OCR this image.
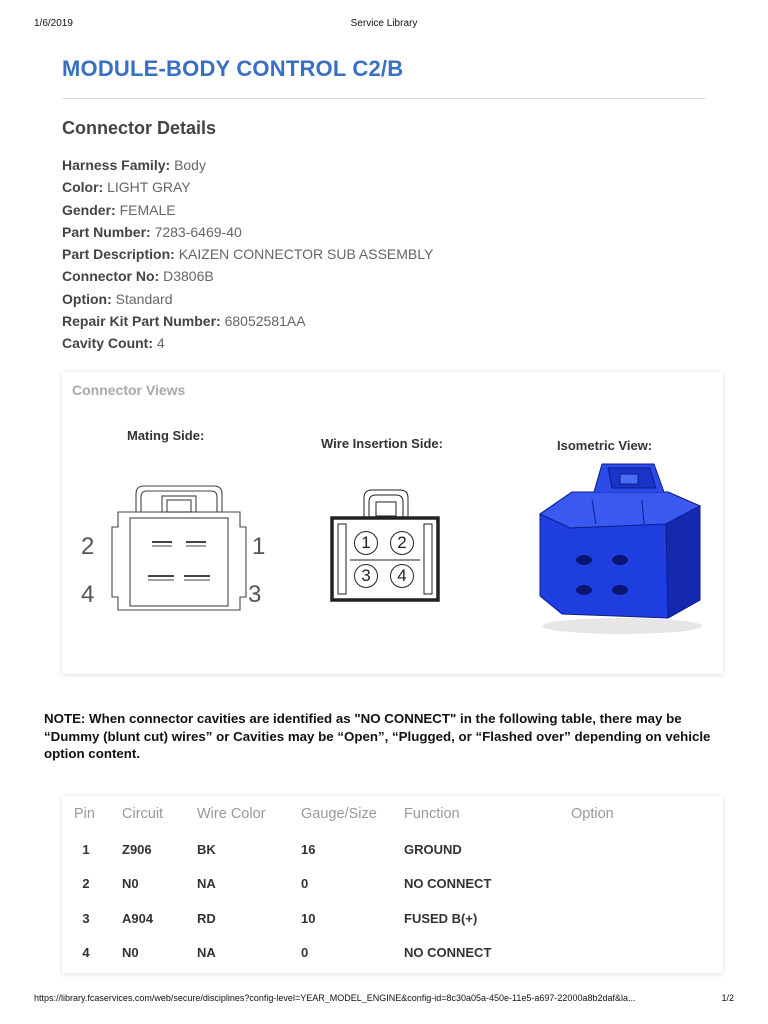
1/6/2019	Service Library
MODULE-BODY CONTROL C2/B
Connector Details
Harness Family: Body
Color: LIGHT GRAY
Gender: FEMALE
Part Number: 7283-6469-40
Part Description: KAIZEN CONNECTOR SUB ASSEMBLY
Connector No: D3806B
Option: Standard
Repair Kit Part Number: 68052581AA
Cavity Count: 4
Connector Views
Mating Side:
Wire Insertion Side:	Isometric View:
2	1
4	3
1	2
3	4
NOTE: When connector cavities are identified as "NO CONNECT" in the following table, there may be “Dummy (blunt cut) wires” or Cavities may be “Open”, “Plugged, or “Flashed over” depending on vehicle option content.
Pin	Circuit	Wire Color	Gauge/Size	Function	Option
1	Z906	BK	16	GROUND	
2	N0	NA	0	NO CONNECT	
3	A904	RD	10	FUSED B(+)	
4	N0	NA	0	NO CONNECT	
https://library.fcaservices.com/web/secure/disciplines?config-level=YEAR_MODEL_ENGINE&config-id=8c30a05a-450e-11e5-a697-22000a8b2daf&la...	1/2
